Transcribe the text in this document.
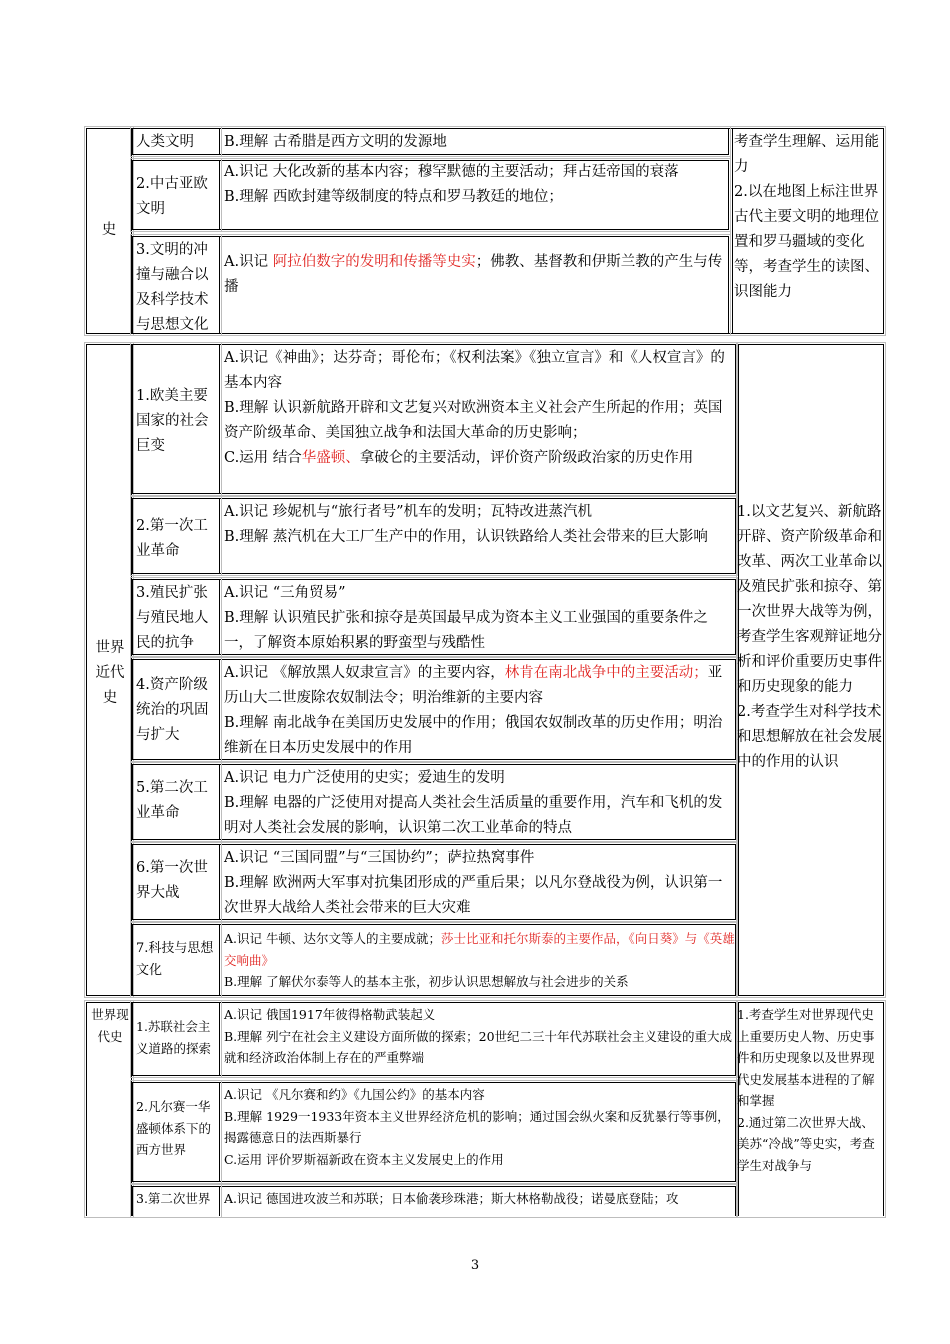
史

人类文明	B.理解 古希腊是西方文明的发源地

2.中古亚欧文明

A.识记 大化改新的基本内容；穆罕默德的主要活动；拜占廷帝国的衰落
B.理解 西欧封建等级制度的特点和罗马教廷的地位；

3.文明的冲撞与融合以及科学技术与思想文化

A.识记 阿拉伯数字的发明和传播等史实；佛教、基督教和伊斯兰教的产生与传播

考查学生理解、运用能力
2.以在地图上标注世界古代主要文明的地理位置和罗马疆域的变化等，考查学生的读图、识图能力

世界近代史

1.欧美主要国家的社会巨变

A.识记《神曲》；达芬奇；哥伦布；《权利法案》《独立宣言》和《人权宣言》的基本内容
B.理解 认识新航路开辟和文艺复兴对欧洲资本主义社会产生所起的作用；英国资产阶级革命、美国独立战争和法国大革命的历史影响；
C.运用 结合华盛顿、拿破仑的主要活动，评价资产阶级政治家的历史作用

2.第一次工业革命

A.识记 珍妮机与“旅行者号”机车的发明；瓦特改进蒸汽机
B.理解 蒸汽机在大工厂生产中的作用，认识铁路给人类社会带来的巨大影响

3.殖民扩张与殖民地人民的抗争

A.识记 “三角贸易”
B.理解 认识殖民扩张和掠夺是英国最早成为资本主义工业强国的重要条件之一，了解资本原始积累的野蛮型与残酷性

4.资产阶级统治的巩固与扩大

A.识记 《解放黑人奴隶宣言》的主要内容，林肯在南北战争中的主要活动；亚历山大二世废除农奴制法令；明治维新的主要内容
B.理解 南北战争在美国历史发展中的作用；俄国农奴制改革的历史作用；明治维新在日本历史发展中的作用

5.第二次工业革命

A.识记 电力广泛使用的史实；爱迪生的发明
B.理解 电器的广泛使用对提高人类社会生活质量的重要作用，汽车和飞机的发明对人类社会发展的影响，认识第二次工业革命的特点

6.第一次世界大战

A.识记 “三国同盟”与“三国协约”；萨拉热窝事件
B.理解 欧洲两大军事对抗集团形成的严重后果；以凡尔登战役为例，认识第一次世界大战给人类社会带来的巨大灾难

7.科技与思想文化

A.识记 牛顿、达尔文等人的主要成就；莎士比亚和托尔斯泰的主要作品，《向日葵》与《英雄交响曲》
B.理解 了解伏尔泰等人的基本主张，初步认识思想解放与社会进步的关系

1.以文艺复兴、新航路开辟、资产阶级革命和改革、两次工业革命以及殖民扩张和掠夺、第一次世界大战等为例，考查学生客观辩证地分析和评价重要历史事件和历史现象的能力
2.考查学生对科学技术和思想解放在社会发展中的作用的认识

世界现代史

1.苏联社会主义道路的探索

A.识记 俄国1917年彼得格勒武装起义
B.理解 列宁在社会主义建设方面所做的探索；20世纪二三十年代苏联社会主义建设的重大成就和经济政治体制上存在的严重弊端

2.凡尔赛一华盛顿体系下的西方世界

A.识记 《凡尔赛和约》《九国公约》的基本内容
B.理解 1929一1933年资本主义世界经济危机的影响；通过国会纵火案和反犹暴行等事例，揭露德意日的法西斯暴行
C.运用 评价罗斯福新政在资本主义发展史上的作用

3.第二次世界	A.识记 德国进攻波兰和苏联；日本偷袭珍珠港；斯大林格勒战役；诺曼底登陆；攻

1.考查学生对世界现代史上重要历史人物、历史事件和历史现象以及世界现代史发展基本进程的了解和掌握
2.通过第二次世界大战、美苏“冷战”等史实，考查学生对战争与

3
